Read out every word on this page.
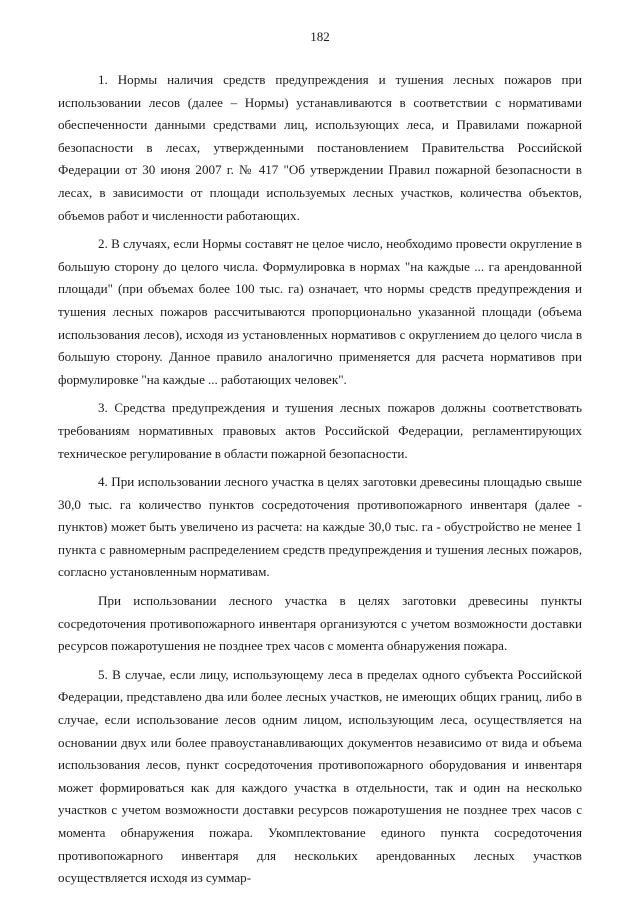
182

1. Нормы наличия средств предупреждения и тушения лесных пожаров при использовании лесов (далее – Нормы) устанавливаются в соответствии с нормативами обеспеченности данными средствами лиц, использующих леса, и Правилами пожарной безопасности в лесах, утвержденными постановлением Правительства Российской Федерации от 30 июня 2007 г. № 417 "Об утверждении Правил пожарной безопасности в лесах, в зависимости от площади используемых лесных участков, количества объектов, объемов работ и численности работающих.

2. В случаях, если Нормы составят не целое число, необходимо провести округление в большую сторону до целого числа. Формулировка в нормах "на каждые ... га арендованной площади" (при объемах более 100 тыс. га) означает, что нормы средств предупреждения и тушения лесных пожаров рассчитываются пропорционально указанной площади (объема использования лесов), исходя из установленных нормативов с округлением до целого числа в большую сторону. Данное правило аналогично применяется для расчета нормативов при формулировке "на каждые ... работающих человек".

3. Средства предупреждения и тушения лесных пожаров должны соответствовать требованиям нормативных правовых актов Российской Федерации, регламентирующих техническое регулирование в области пожарной безопасности.

4. При использовании лесного участка в целях заготовки древесины площадью свыше 30,0 тыс. га количество пунктов сосредоточения противопожарного инвентаря (далее - пунктов) может быть увеличено из расчета: на каждые 30,0 тыс. га - обустройство не менее 1 пункта с равномерным распределением средств предупреждения и тушения лесных пожаров, согласно установленным нормативам.

При использовании лесного участка в целях заготовки древесины пункты сосредоточения противопожарного инвентаря организуются с учетом возможности доставки ресурсов пожаротушения не позднее трех часов с момента обнаружения пожара.

5. В случае, если лицу, использующему леса в пределах одного субъекта Российской Федерации, представлено два или более лесных участков, не имеющих общих границ, либо в случае, если использование лесов одним лицом, использующим леса, осуществляется на основании двух или более правоустанавливающих документов независимо от вида и объема использования лесов, пункт сосредоточения противопожарного оборудования и инвентаря может формироваться как для каждого участка в отдельности, так и один на несколько участков с учетом возможности доставки ресурсов пожаротушения не позднее трех часов с момента обнаружения пожара. Укомплектование единого пункта сосредоточения противопожарного инвентаря для нескольких арендованных лесных участков осуществляется исходя из суммар-
